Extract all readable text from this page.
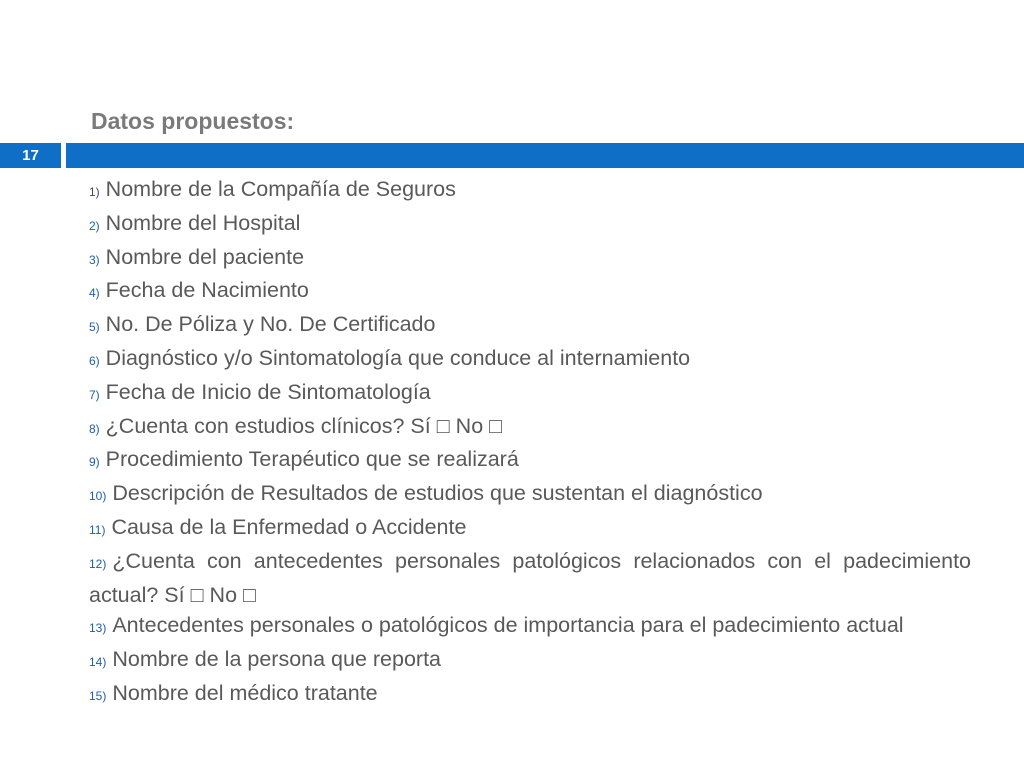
Datos propuestos:
17
1) Nombre de la Compañía de Seguros
2) Nombre del Hospital
3) Nombre del paciente
4) Fecha de Nacimiento
5) No. De Póliza y No. De Certificado
6) Diagnóstico y/o Sintomatología que conduce al internamiento
7) Fecha de Inicio de Sintomatología
8) ¿Cuenta con estudios clínicos? Sí □ No □
9) Procedimiento Terapéutico que se realizará
10) Descripción de Resultados de estudios que sustentan el diagnóstico
11) Causa de la Enfermedad o Accidente
12) ¿Cuenta con antecedentes personales patológicos relacionados con el padecimiento actual? Sí □ No □
13) Antecedentes personales o patológicos de importancia para el padecimiento actual
14) Nombre de la persona que reporta
15) Nombre del médico tratante
